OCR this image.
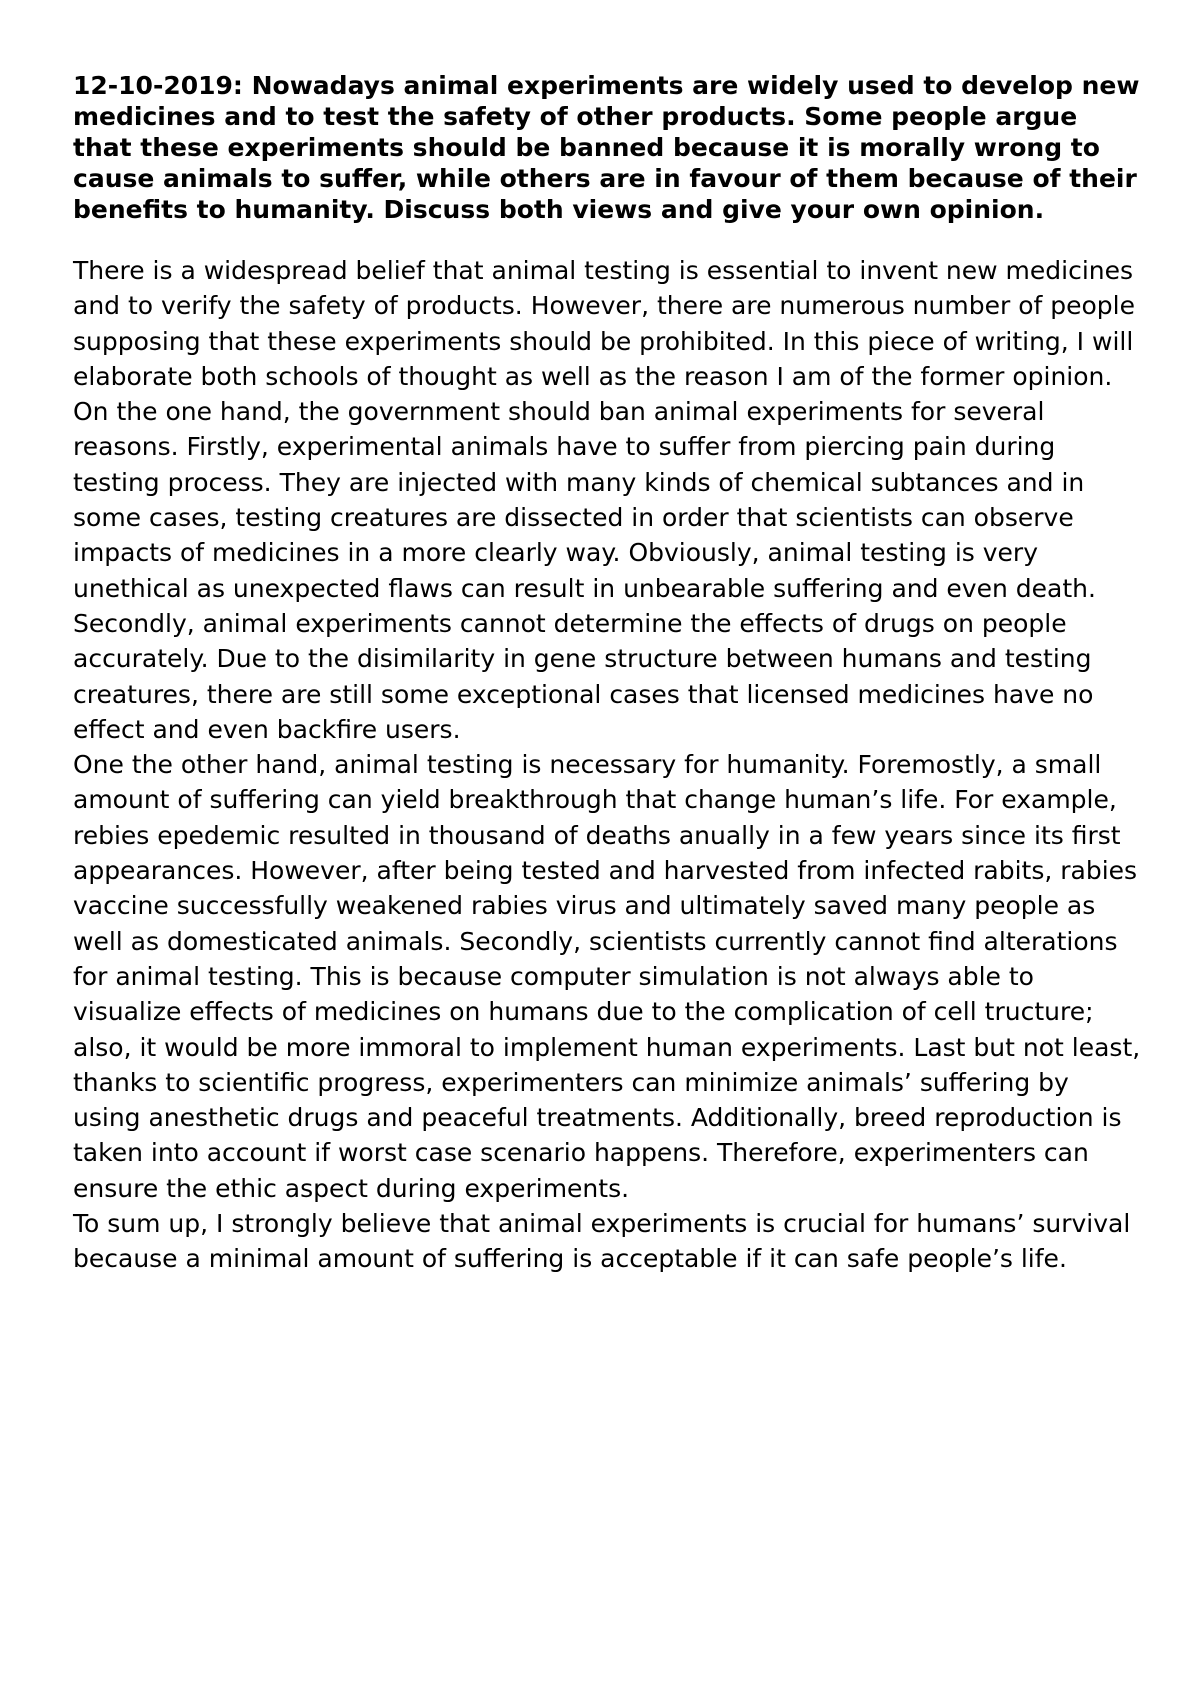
12-10-2019: Nowadays animal experiments are widely used to develop new medicines and to test the safety of other products. Some people argue that these experiments should be banned because it is morally wrong to cause animals to suffer, while others are in favour of them because of their benefits to humanity. Discuss both views and give your own opinion.

There is a widespread belief that animal testing is essential to invent new medicines and to verify the safety of products. However, there are numerous number of people supposing that these experiments should be prohibited. In this piece of writing, I will elaborate both schools of thought as well as the reason I am of the former opinion.

On the one hand, the government should ban animal experiments for several reasons. Firstly, experimental animals have to suffer from piercing pain during testing process. They are injected with many kinds of chemical subtances and in some cases, testing creatures are dissected in order that scientists can observe impacts of medicines in a more clearly way. Obviously, animal testing is very unethical as unexpected flaws can result in unbearable suffering and even death. Secondly, animal experiments cannot determine the effects of drugs on people accurately. Due to the disimilarity in gene structure between humans and testing creatures, there are still some exceptional cases that licensed medicines have no effect and even backfire users.

One the other hand, animal testing is necessary for humanity. Foremostly, a small amount of suffering can yield breakthrough that change human’s life. For example, rebies epedemic resulted in thousand of deaths anually in a few years since its first appearances. However, after being tested and harvested from infected rabits, rabies vaccine successfully weakened rabies virus and ultimately saved many people as well as domesticated animals. Secondly, scientists currently cannot find alterations for animal testing. This is because computer simulation is not always able to visualize effects of medicines on humans due to the complication of cell tructure; also, it would be more immoral to implement human experiments. Last but not least, thanks to scientific progress, experimenters can minimize animals’ suffering by using anesthetic drugs and peaceful treatments. Additionally, breed reproduction is taken into account if worst case scenario happens. Therefore, experimenters can ensure the ethic aspect during experiments.

To sum up, I strongly believe that animal experiments is crucial for humans’ survival because a minimal amount of suffering is acceptable if it can safe people’s life.
